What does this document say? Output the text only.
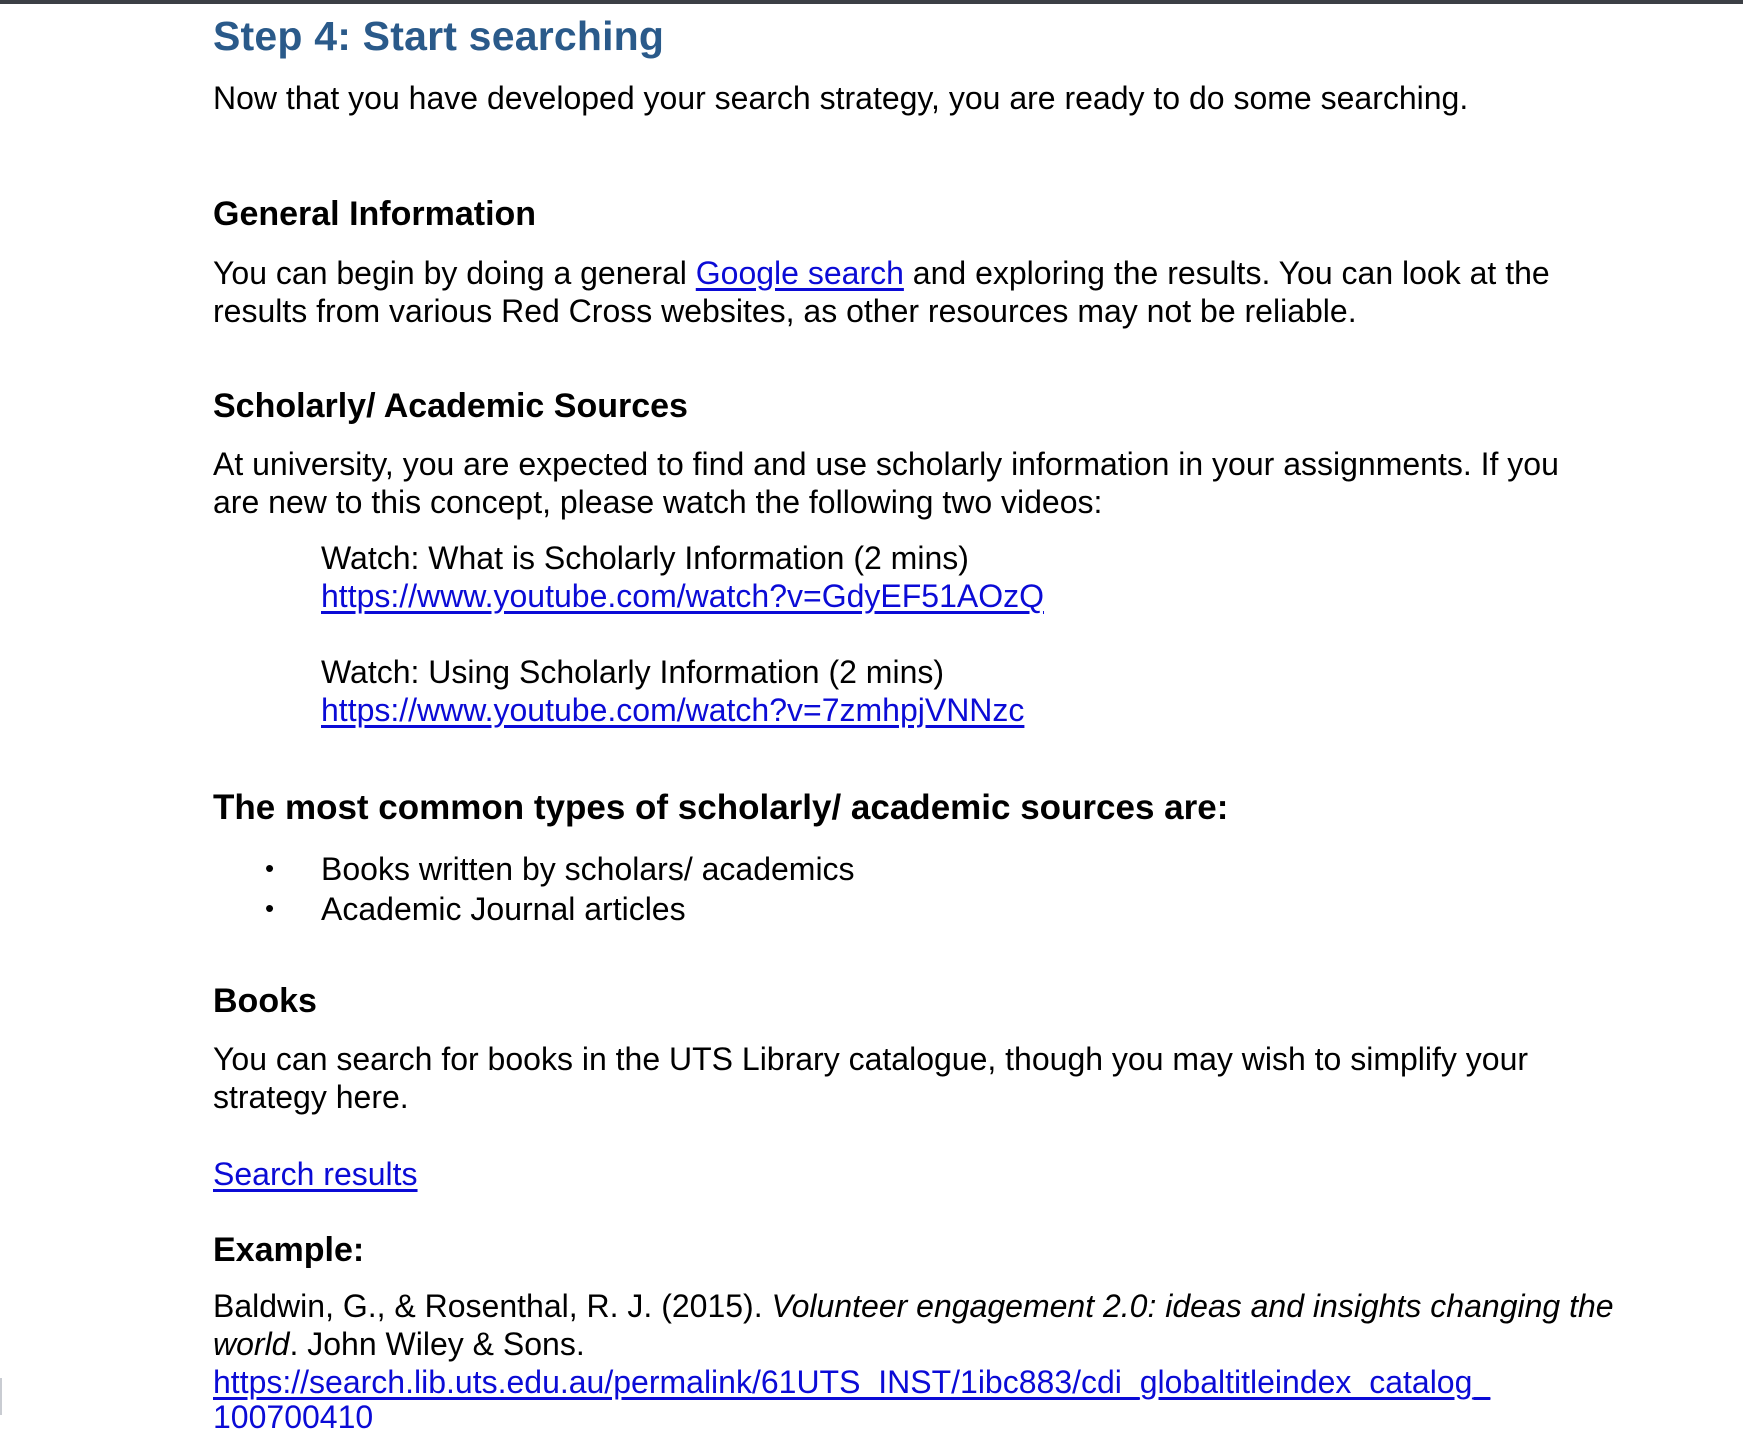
Step 4: Start searching
Now that you have developed your search strategy, you are ready to do some searching.
General Information
You can begin by doing a general Google search and exploring the results. You can look at the
results from various Red Cross websites, as other resources may not be reliable.
Scholarly/ Academic Sources
At university, you are expected to find and use scholarly information in your assignments. If you
are new to this concept, please watch the following two videos:
Watch: What is Scholarly Information (2 mins)
https://www.youtube.com/watch?v=GdyEF51AOzQ
Watch: Using Scholarly Information (2 mins)
https://www.youtube.com/watch?v=7zmhpjVNNzc
The most common types of scholarly/ academic sources are:
• Books written by scholars/ academics
• Academic Journal articles
Books
You can search for books in the UTS Library catalogue, though you may wish to simplify your
strategy here.
Search results
Example:
Baldwin, G., & Rosenthal, R. J. (2015). Volunteer engagement 2.0: ideas and insights changing the
world. John Wiley & Sons.
https://search.lib.uts.edu.au/permalink/61UTS_INST/1ibc883/cdi_globaltitleindex_catalog_
100700410
